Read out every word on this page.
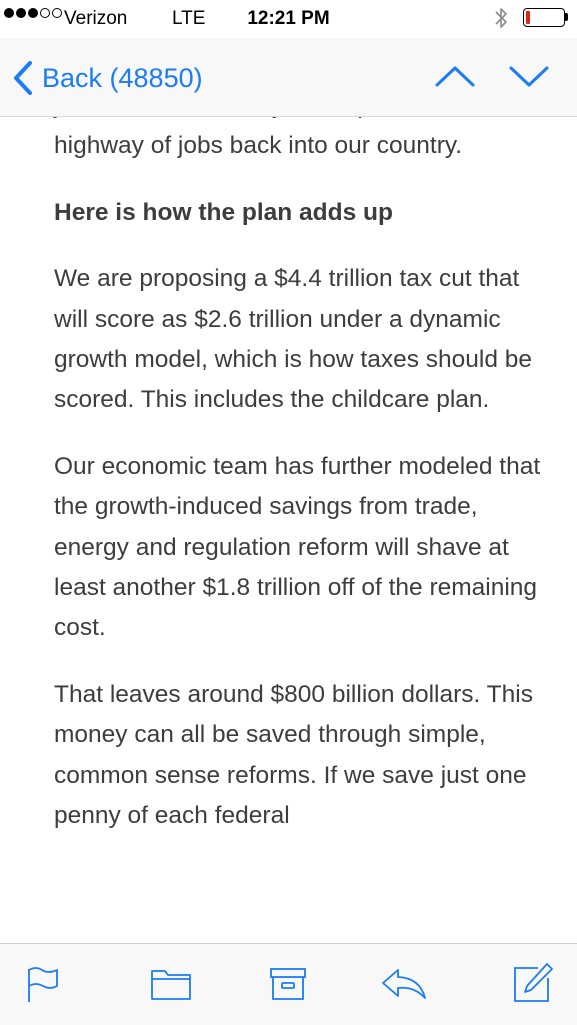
Verizon LTE	12:21 PM
Back (48850)

highway of jobs back into our country.

Here is how the plan adds up

We are proposing a $4.4 trillion tax cut that will score as $2.6 trillion under a dynamic growth model, which is how taxes should be scored. This includes the childcare plan.

Our economic team has further modeled that the growth-induced savings from trade, energy and regulation reform will shave at least another $1.8 trillion off of the remaining cost.

That leaves around $800 billion dollars. This money can all be saved through simple, common sense reforms. If we save just one penny of each federal
